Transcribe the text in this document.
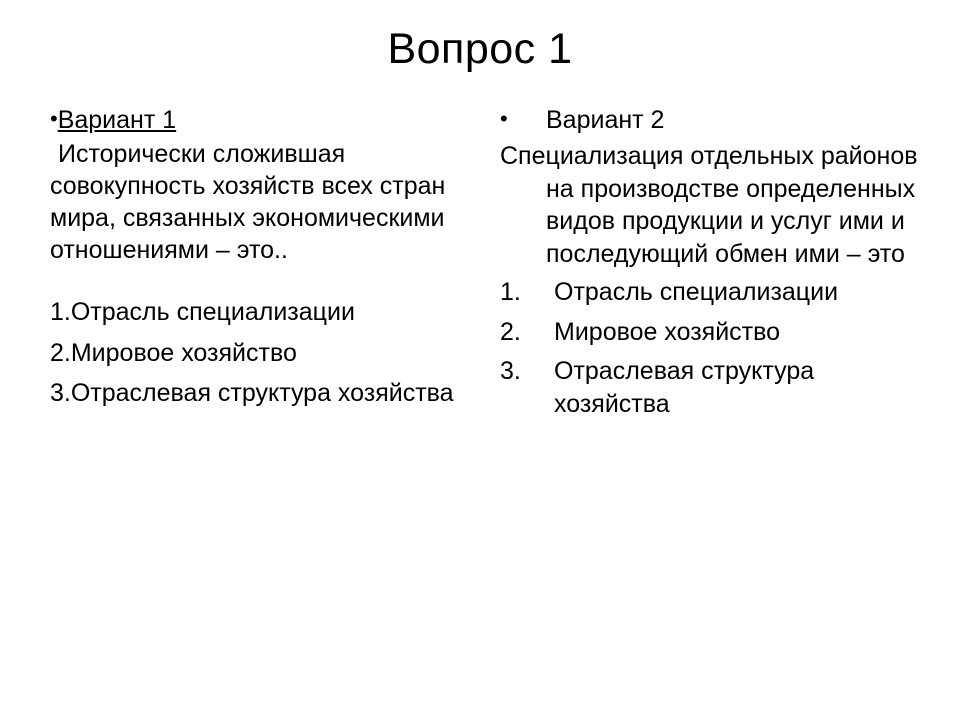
Вопрос 1
•Вариант 1
Исторически сложившая совокупность хозяйств всех стран мира, связанных экономическими отношениями – это..
1.Отрасль специализации
2.Мировое хозяйство
3.Отраслевая структура хозяйства
• Вариант 2
Специализация отдельных районов на производстве определенных видов продукции и услуг ими и последующий обмен ими – это
1. Отрасль специализации
2. Мировое хозяйство
3. Отраслевая структура хозяйства
